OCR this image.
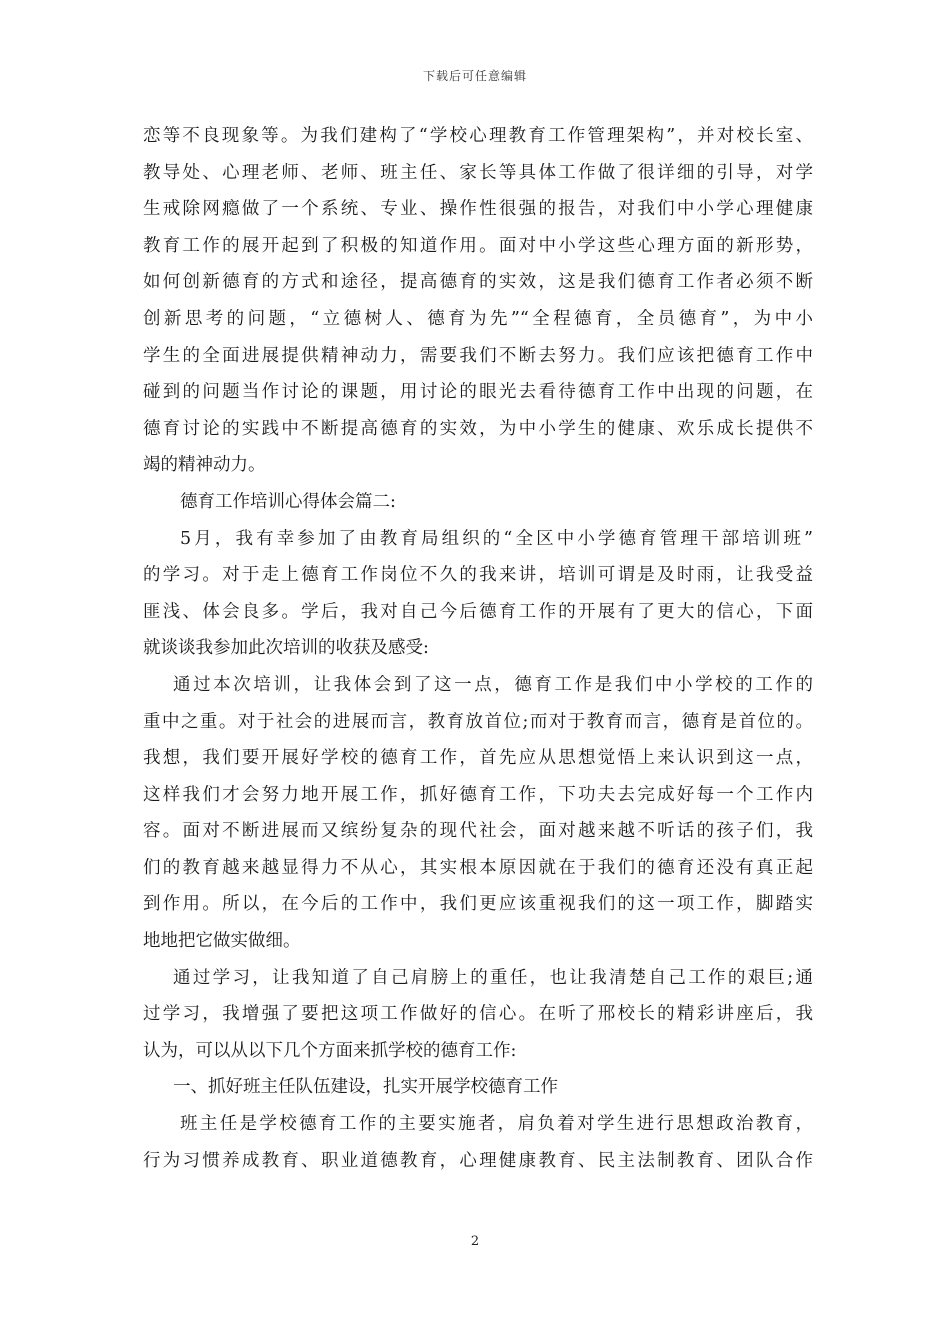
下载后可任意编辑
恋等不良现象等。为我们建构了“学校心理教育工作管理架构”，并对校长室、
教导处、心理老师、老师、班主任、家长等具体工作做了很详细的引导，对学
生戒除网瘾做了一个系统、专业、操作性很强的报告，对我们中小学心理健康
教育工作的展开起到了积极的知道作用。面对中小学这些心理方面的新形势，
如何创新德育的方式和途径，提高德育的实效，这是我们德育工作者必须不断
创新思考的问题，“立德树人、德育为先”“全程德育，全员德育”，为中小
学生的全面进展提供精神动力，需要我们不断去努力。我们应该把德育工作中
碰到的问题当作讨论的课题，用讨论的眼光去看待德育工作中出现的问题，在
德育讨论的实践中不断提高德育的实效，为中小学生的健康、欢乐成长提供不
竭的精神动力。
德育工作培训心得体会篇二:
5月，我有幸参加了由教育局组织的“全区中小学德育管理干部培训班”
的学习。对于走上德育工作岗位不久的我来讲，培训可谓是及时雨，让我受益
匪浅、体会良多。学后，我对自己今后德育工作的开展有了更大的信心，下面
就谈谈我参加此次培训的收获及感受:
通过本次培训，让我体会到了这一点，德育工作是我们中小学校的工作的
重中之重。对于社会的进展而言，教育放首位;而对于教育而言，德育是首位的。
我想，我们要开展好学校的德育工作，首先应从思想觉悟上来认识到这一点，
这样我们才会努力地开展工作，抓好德育工作，下功夫去完成好每一个工作内
容。面对不断进展而又缤纷复杂的现代社会，面对越来越不听话的孩子们，我
们的教育越来越显得力不从心，其实根本原因就在于我们的德育还没有真正起
到作用。所以，在今后的工作中，我们更应该重视我们的这一项工作，脚踏实
地地把它做实做细。
通过学习，让我知道了自己肩膀上的重任，也让我清楚自己工作的艰巨;通
过学习，我增强了要把这项工作做好的信心。在听了邢校长的精彩讲座后，我
认为，可以从以下几个方面来抓学校的德育工作:
一、抓好班主任队伍建设，扎实开展学校德育工作
班主任是学校德育工作的主要实施者，肩负着对学生进行思想政治教育，
行为习惯养成教育、职业道德教育，心理健康教育、民主法制教育、团队合作
2
